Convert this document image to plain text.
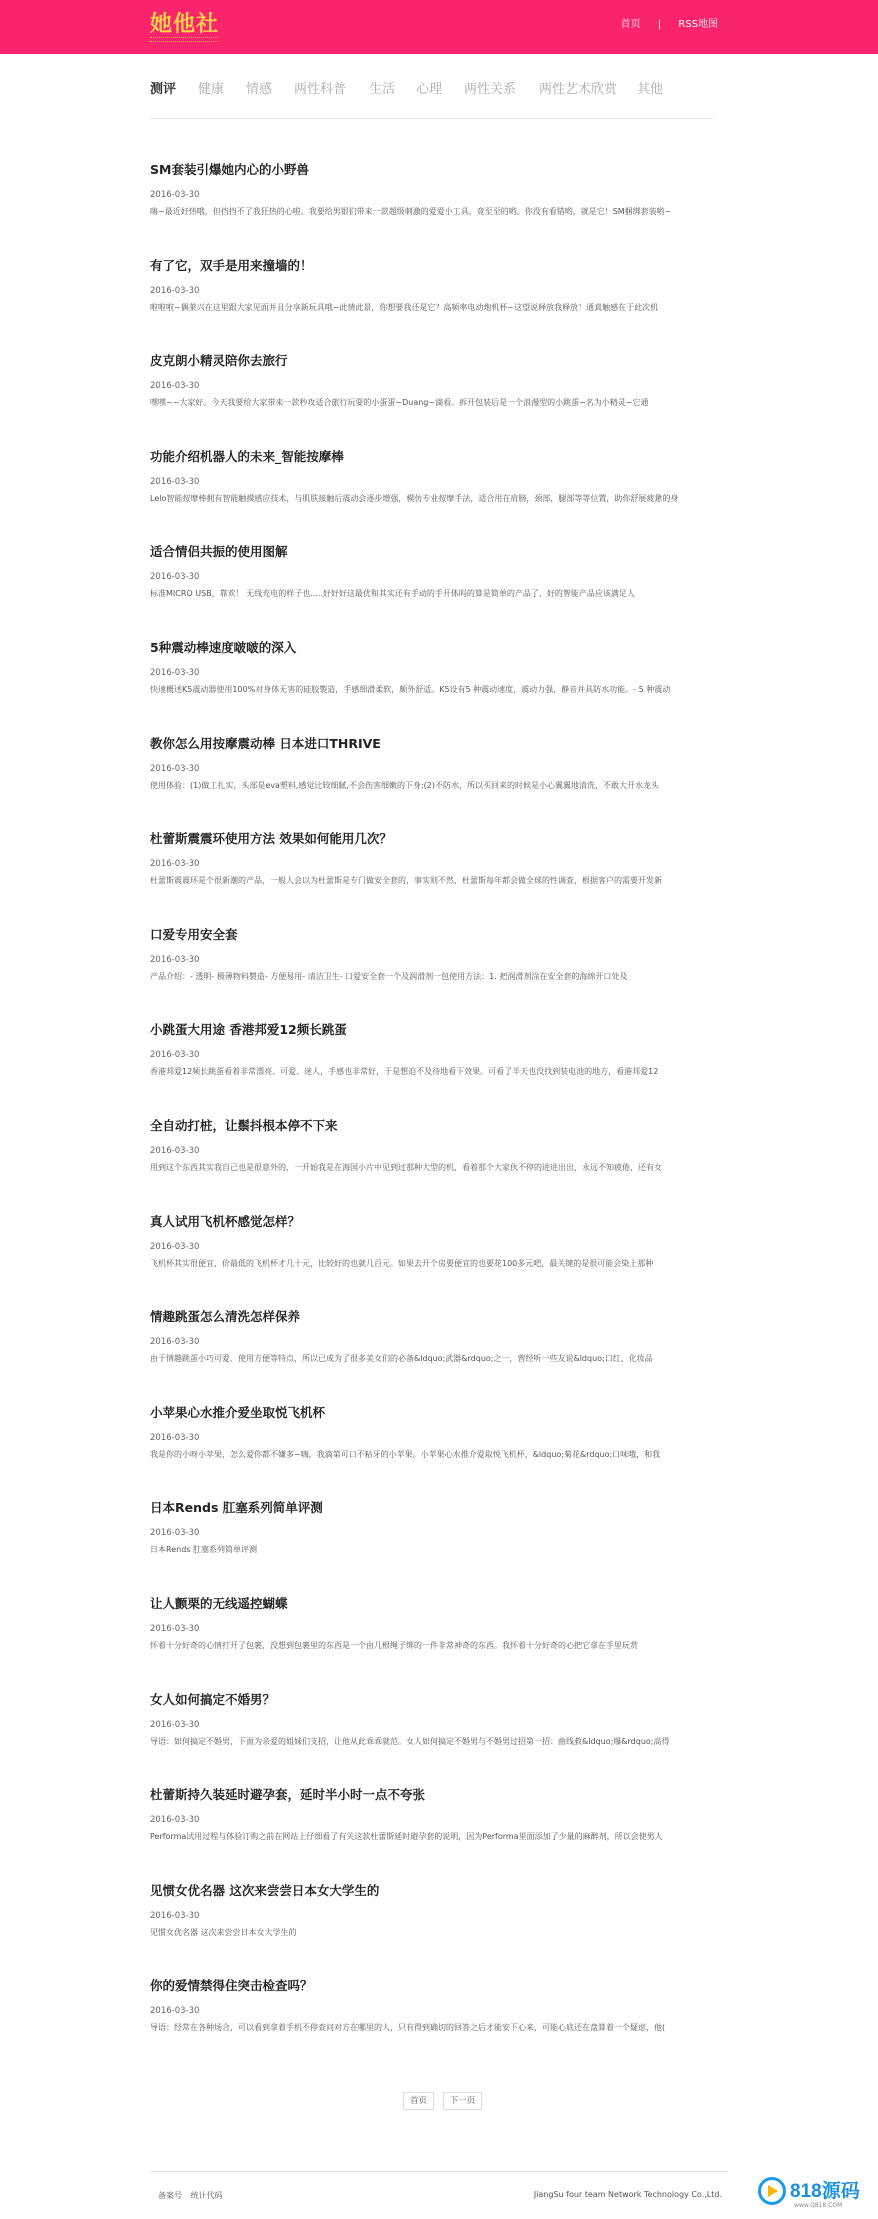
她他社	首页 | RSS地图
测评 健康 情感 两性科普 生活 心理 两性关系 两性艺术欣赏 其他
SM套装引爆她内心的小野兽
2016-03-30
嗨~最近好热哦，但挡挡不了我狂热的心啦。我要给男银们带来一款超级刺激的爱爱小工具，竟至至的哟。你没有看错哟，就是它！SM捆绑套装哟~
有了它，双手是用来撞墙的！
2016-03-30
啦啦啦~偶莱兴在这里跟大家见面并且分享新玩具哦~此情此景，你想要我还是它？高频率电动炮机杯~这望说释放我释放！通真触感在于此次机
皮克朗小精灵陪你去旅行
2016-03-30
嘿嘿~~大家好。今天我要给大家带来一款秒攻适合旅行玩耍的小蛋蛋~Duang~滴看。拆开包装后是一个浪漫型的小跳蛋~名为小精灵~它通
功能介绍机器人的未来_智能按摩棒
2016-03-30
Lelo智能按摩棒拥有智能触摸感应技术，与肌肤接触后震动会逐步增强，模仿专业按摩手法，适合用在肩膀，颈部，腿部等等位置，助你舒展疲惫的身
适合情侣共振的使用图解
2016-03-30
标准MICRO USB，靠欢！ 无线充电的样子也.....好好好这最优和其实还有手动的手开体吗的算是简单的产品了，好的智能产品应该满足人
5种震动棒速度啵啵的深入
2016-03-30
快速概述K5震动器使用100%对身体无害的硅胶製造，手感细滑柔软，颇外舒适。K5设有5 种震动速度，震动力强，静音并具防水功能。- 5 种震动
教你怎么用按摩震动棒 日本进口THRIVE
2016-03-30
使用体验：(1)做工扎实，头部是eva塑料,感觉比较细腻,不会伤害细嫩的下身;(2)不防水，所以买回来的时候是小心翼翼地清洗，不敢大开水龙头
杜蕾斯震震环使用方法 效果如何能用几次？
2016-03-30
杜蕾斯震震环是个很新潮的产品，一般人会以为杜蕾斯是专门做安全套的，事实则不然，杜蕾斯每年都会做全球的性调查，根据客户的需要开发新
口爱专用安全套
2016-03-30
产品介绍：- 透明- 极薄物料製造- 方便易用- 清洁卫生- 口爱安全套一个及润滑剂一包使用方法：1. 把润滑剂涂在安全套的海绵开口处及
小跳蛋大用途 香港邦爱12频长跳蛋
2016-03-30
香港邦爱12频长跳蛋看着非常漂亮、可爱、迷人，手感也非常好，于是想迫不及待地看下效果。可看了半天也没找到装电池的地方，看港邦爱12
全自动打桩，让鬃抖根本停不下来
2016-03-30
用到这个东西其实我自己也是很意外的，一开始我是在海国小片中见到过那种大型的机，看着那个大家伙不停的进进出出，永远不知疲倦，还有女
真人试用飞机杯感觉怎样？
2016-03-30
飞机杯其实很便宜，价最低的飞机杯才几十元，比较好的也就几百元。如果去开个房要便宜的也要花100多元吧，最关键的是很可能会染上那种
情趣跳蛋怎么清洗怎样保养
2016-03-30
由于情趣跳蛋小巧可爱、使用方便等特点，所以已成为了很多美女们的必备&ldquo;武器&rdquo;之一，曾经听一些友说&ldquo;口红、化妆品
小苹果心水推介爱坐取悦飞机杯
2016-03-30
我是你的小呀小苹果，怎么爱你都不嫌多~嗨，我滴第可口不粘牙的小苹果。小苹果心水推介爱取悦飞机杯，&ldquo;菊花&rdquo;口味哦，和我
日本Rends 肛塞系列简单评测
2016-03-30
日本Rends 肛塞系列简单评测
让人颤栗的无线遥控蝴蝶
2016-03-30
怀着十分好奇的心情打开了包裹，没想到包裹里的东西是一个由几根绳子绑的一件非常神奇的东西。我怀着十分好奇的心把它拿在手里玩赏
女人如何搞定不婚男？
2016-03-30
导语：如何搞定不婚男，下面为亲爱的姐妹们支招，让他从此乖乖就范。女人如何搞定不婚男与不婚男过招第一招：曲线救&ldquo;爆&rdquo;高得
杜蕾斯持久装延时避孕套，延时半小时一点不夸张
2016-03-30
Performa试用过程与体验订购之前在网站上仔细看了有关这款杜蕾斯延时避孕套的说明，因为Performa里面添加了少量的麻醉剂，所以会使男人
见惯女优名器 这次来尝尝日本女大学生的
2016-03-30
见惯女优名器 这次来尝尝日本女大学生的
你的爱情禁得住突击检查吗？
2016-03-30
导语：经常在各种场合，可以看到拿着手机不停查问对方在哪里的人，只有得到确切的回答之后才能安下心来，可能心底还在盘算着一个疑虑，他(
首页	下一页
备案号 统计代码	JiangSu four team Network Technology Co.,Ltd.	818源码
www.Q818.COM
